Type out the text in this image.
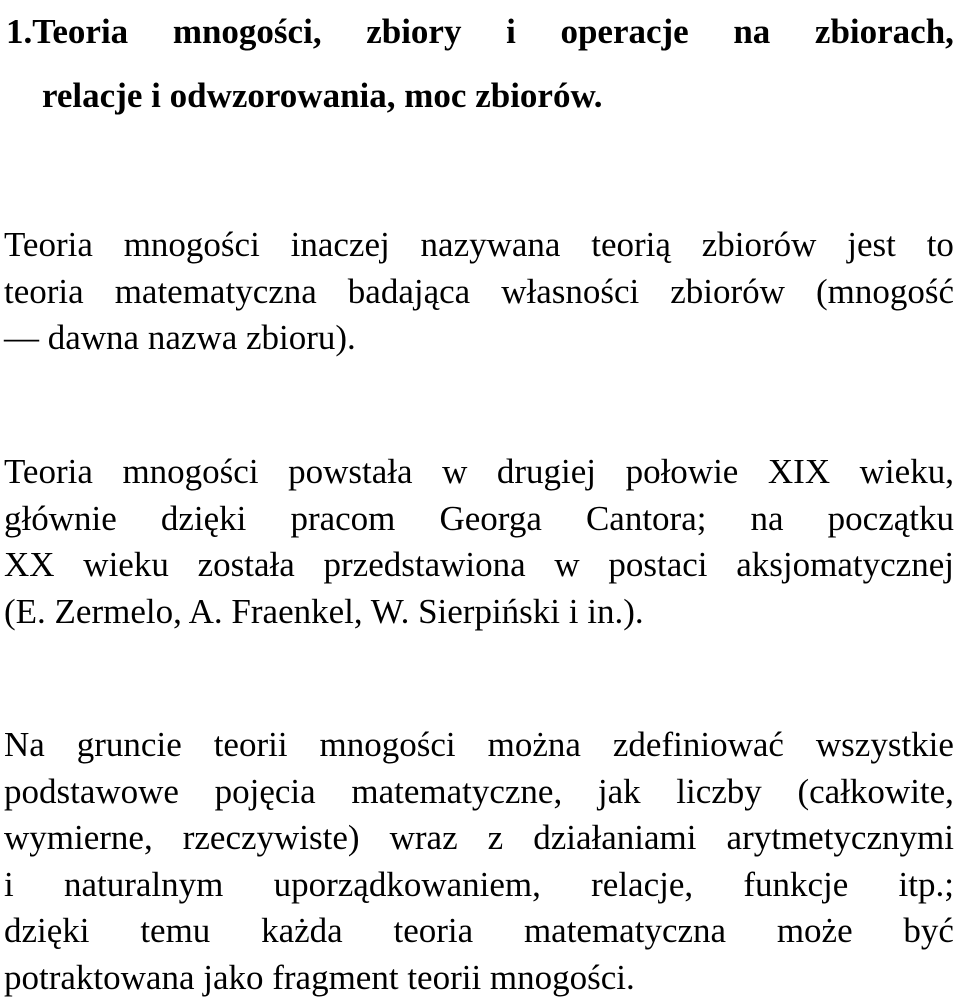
1.Teoria mnogości, zbiory i operacje na zbiorach,
relacje i odwzorowania, moc zbiorów.
Teoria mnogości inaczej nazywana teorią zbiorów jest to
teoria matematyczna badająca własności zbiorów (mnogość
— dawna nazwa zbioru).
Teoria mnogości powstała w drugiej połowie XIX wieku,
głównie dzięki pracom Georga Cantora; na początku
XX wieku została przedstawiona w postaci aksjomatycznej
(E. Zermelo, A. Fraenkel, W. Sierpiński i in.).
Na gruncie teorii mnogości można zdefiniować wszystkie
podstawowe pojęcia matematyczne, jak liczby (całkowite,
wymierne, rzeczywiste) wraz z działaniami arytmetycznymi
i naturalnym uporządkowaniem, relacje, funkcje itp.;
dzięki temu każda teoria matematyczna może być
potraktowana jako fragment teorii mnogości.
